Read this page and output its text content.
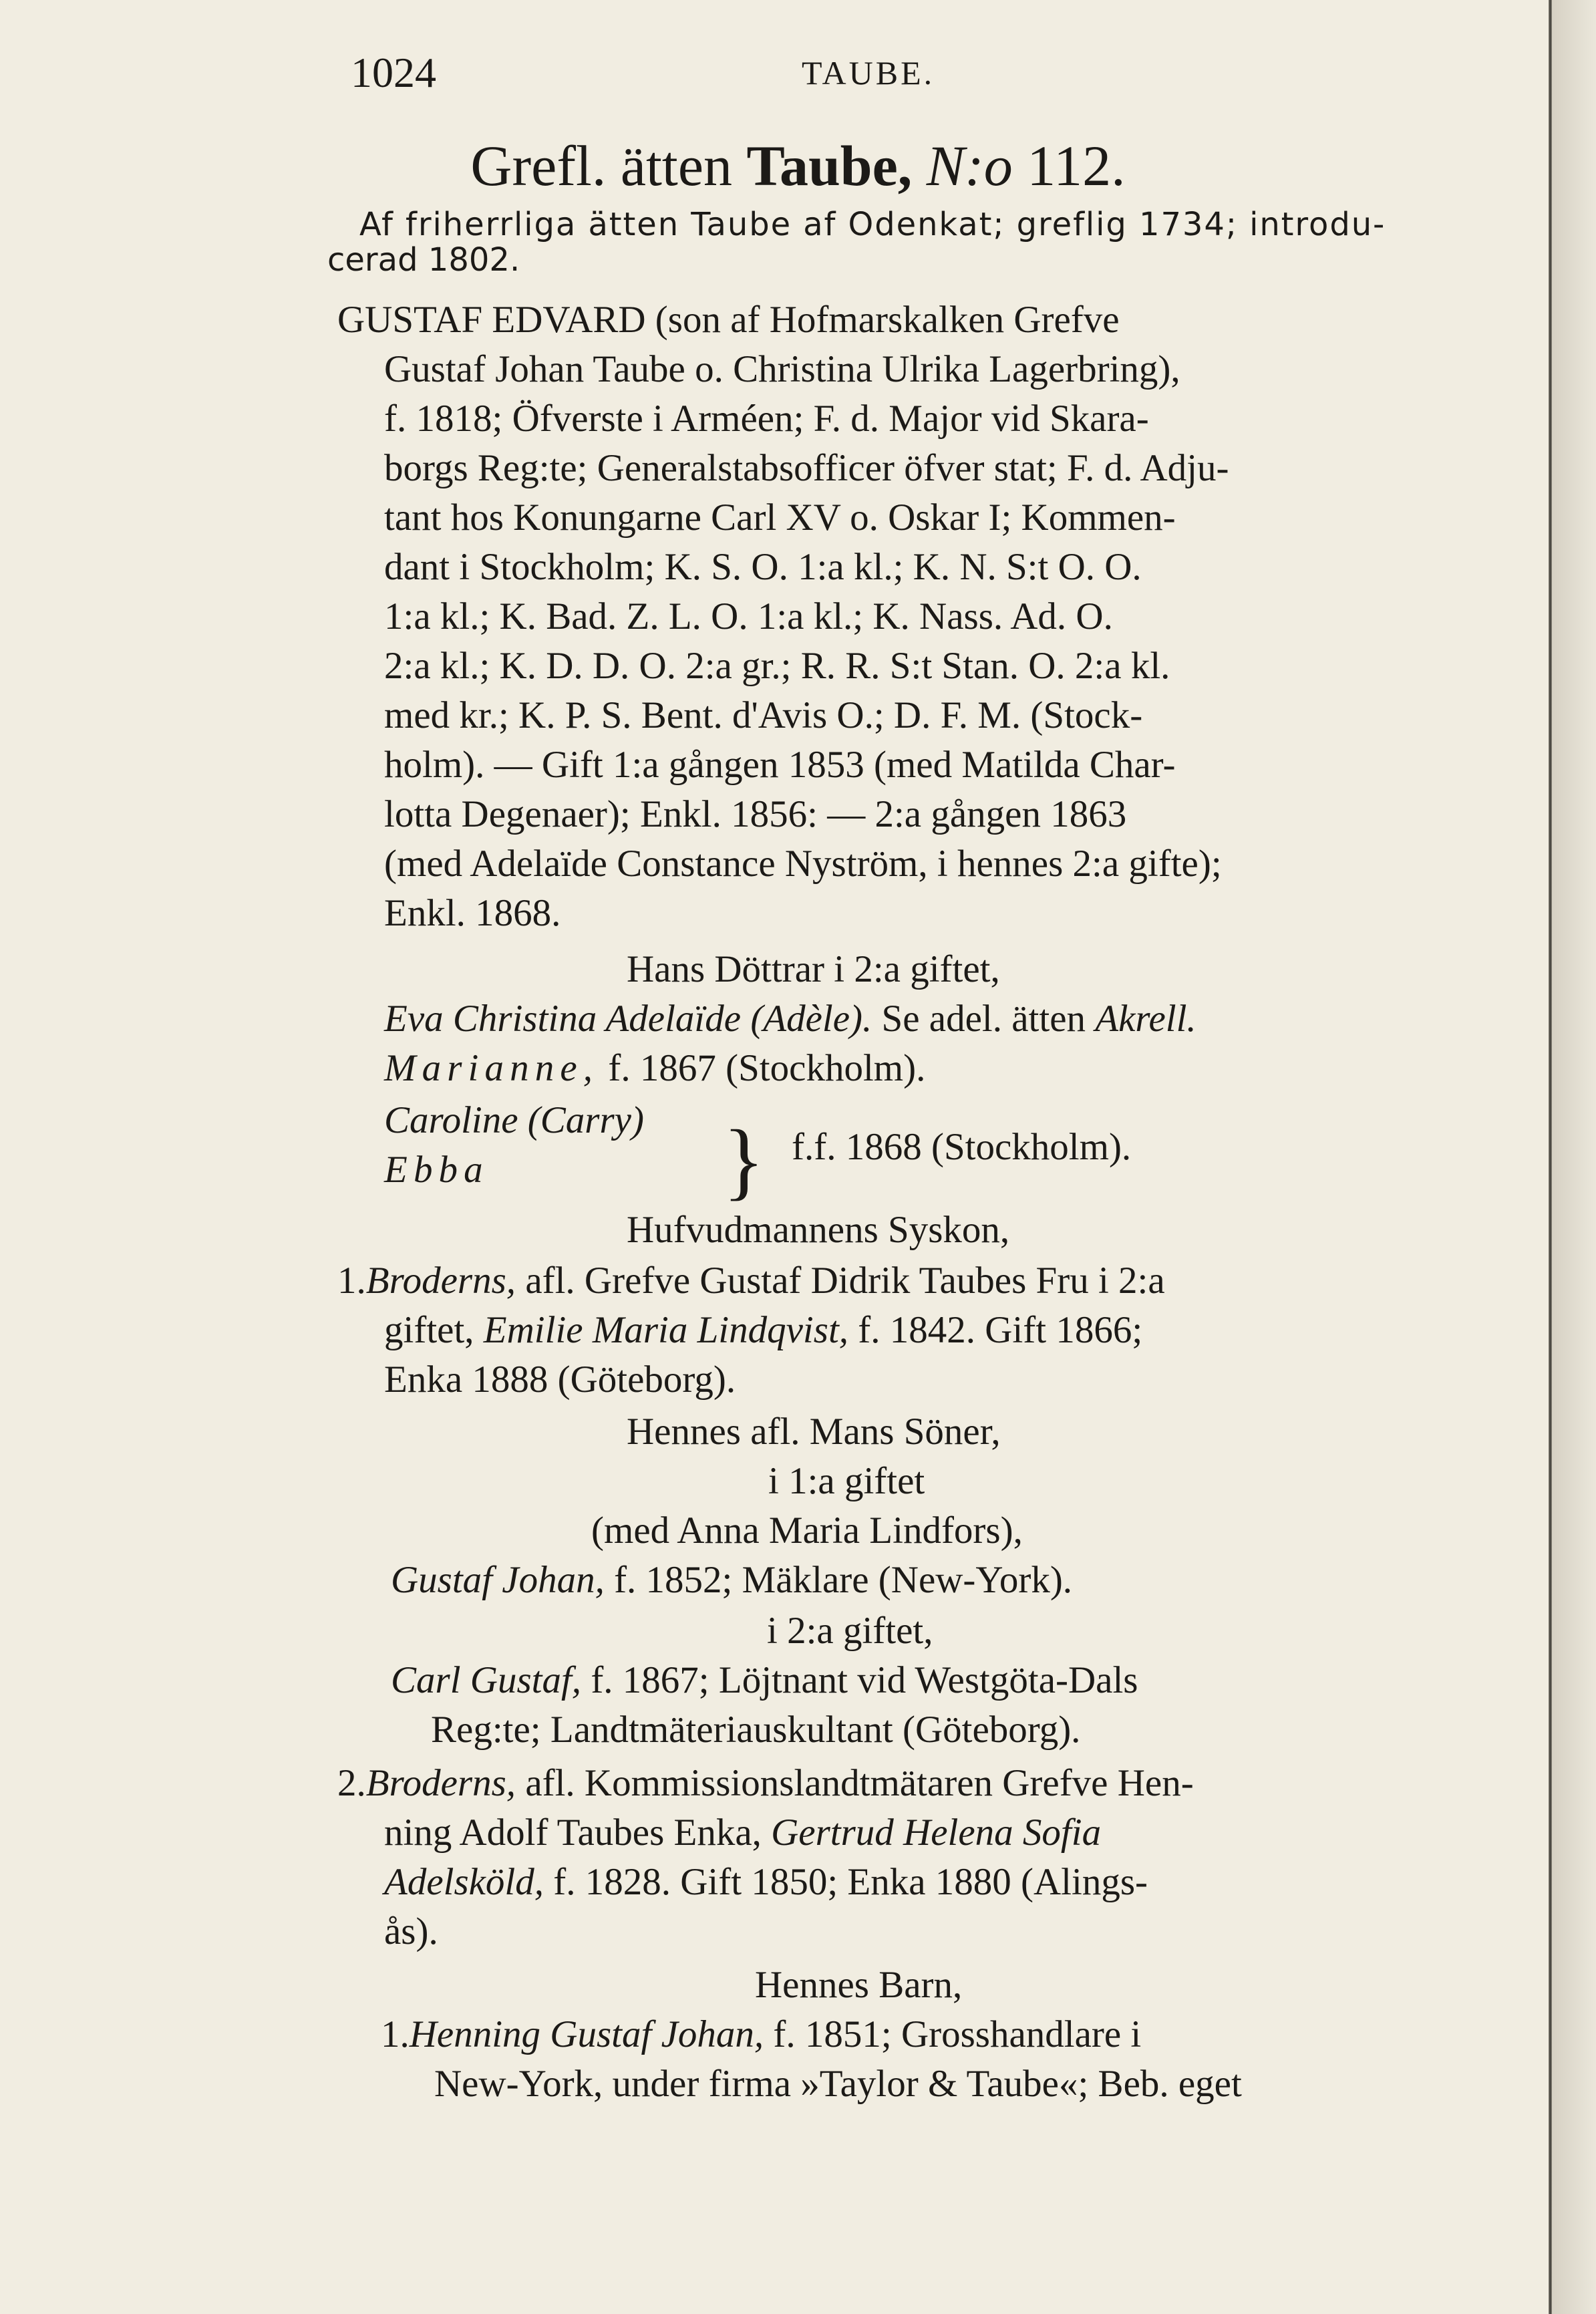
1024	TAUBE.
Grefl. ätten Taube, N:o 112.
Af friherrliga ätten Taube af Odenkat; greflig 1734; introdu-
cerad 1802.
GUSTAF EDVARD (son af Hofmarskalken Grefve
Gustaf Johan Taube o. Christina Ulrika Lagerbring),
f. 1818; Öfverste i Arméen; F. d. Major vid Skara-
borgs Reg:te; Generalstabsofficer öfver stat; F. d. Adju-
tant hos Konungarne Carl XV o. Oskar I; Kommen-
dant i Stockholm; K. S. O. 1:a kl.; K. N. S:t O. O.
1:a kl.; K. Bad. Z. L. O. 1:a kl.; K. Nass. Ad. O.
2:a kl.; K. D. D. O. 2:a gr.; R. R. S:t Stan. O. 2:a kl.
med kr.; K. P. S. Bent. d'Avis O.; D. F. M. (Stock-
holm). — Gift 1:a gången 1853 (med Matilda Char-
lotta Degenaer); Enkl. 1856: — 2:a gången 1863
(med Adelaïde Constance Nyström, i hennes 2:a gifte);
Enkl. 1868.
Hans Döttrar i 2:a giftet,
Eva Christina Adelaïde (Adèle). Se adel. ätten Akrell.
Marianne, f. 1867 (Stockholm).
Caroline (Carry)
Ebba	} f.f. 1868 (Stockholm).
Hufvudmannens Syskon,
1.Broderns, afl. Grefve Gustaf Didrik Taubes Fru i 2:a
giftet, Emilie Maria Lindqvist, f. 1842. Gift 1866;
Enka 1888 (Göteborg).
Hennes afl. Mans Söner,
i 1:a giftet
(med Anna Maria Lindfors),
Gustaf Johan, f. 1852; Mäklare (New-York).
i 2:a giftet,
Carl Gustaf, f. 1867; Löjtnant vid Westgöta-Dals
Reg:te; Landtmäteriauskultant (Göteborg).
2.Broderns, afl. Kommissionslandtmätaren Grefve Hen-
ning Adolf Taubes Enka, Gertrud Helena Sofia
Adelsköld, f. 1828. Gift 1850; Enka 1880 (Alings-
ås).
Hennes Barn,
1.Henning Gustaf Johan, f. 1851; Grosshandlare i
New-York, under firma »Taylor & Taube«; Beb. eget
